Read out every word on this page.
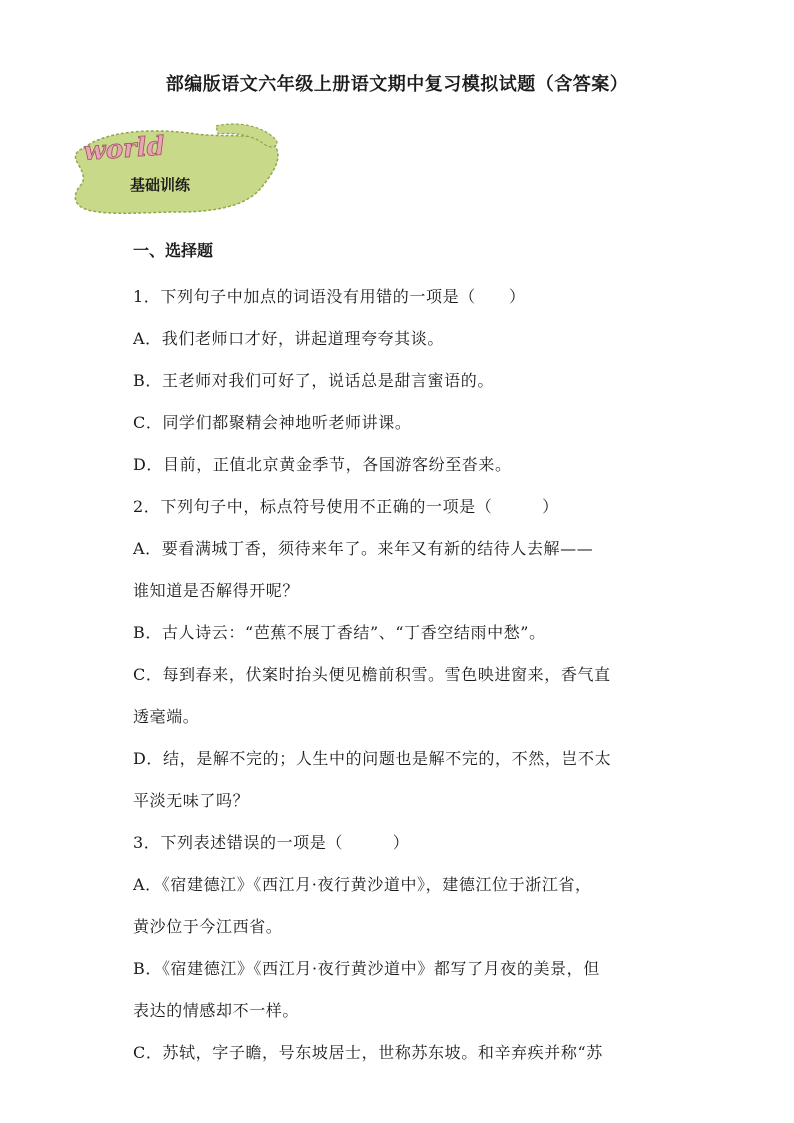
部编版语文六年级上册语文期中复习模拟试题（含答案）
world
基础训练
一、选择题

1．下列句子中加点的词语没有用错的一项是（　　）

A．我们老师口才好，讲起道理夸夸其谈。

B．王老师对我们可好了，说话总是甜言蜜语的。

C．同学们都聚精会神地听老师讲课。

D．目前，正值北京黄金季节，各国游客纷至沓来。

2．下列句子中，标点符号使用不正确的一项是（　　　）

A．要看满城丁香，须待来年了。来年又有新的结待人去解——

谁知道是否解得开呢？

B．古人诗云：“芭蕉不展丁香结”、“丁香空结雨中愁”。

C．每到春来，伏案时抬头便见檐前积雪。雪色映进窗来，香气直

透毫端。

D．结，是解不完的；人生中的问题也是解不完的，不然，岂不太

平淡无味了吗？

3．下列表述错误的一项是（　　　）

A．《宿建德江》《西江月·夜行黄沙道中》，建德江位于浙江省，

黄沙位于今江西省。

B．《宿建德江》《西江月·夜行黄沙道中》都写了月夜的美景，但

表达的情感却不一样。

C．苏轼，字子瞻，号东坡居士，世称苏东坡。和辛弃疾并称“苏
